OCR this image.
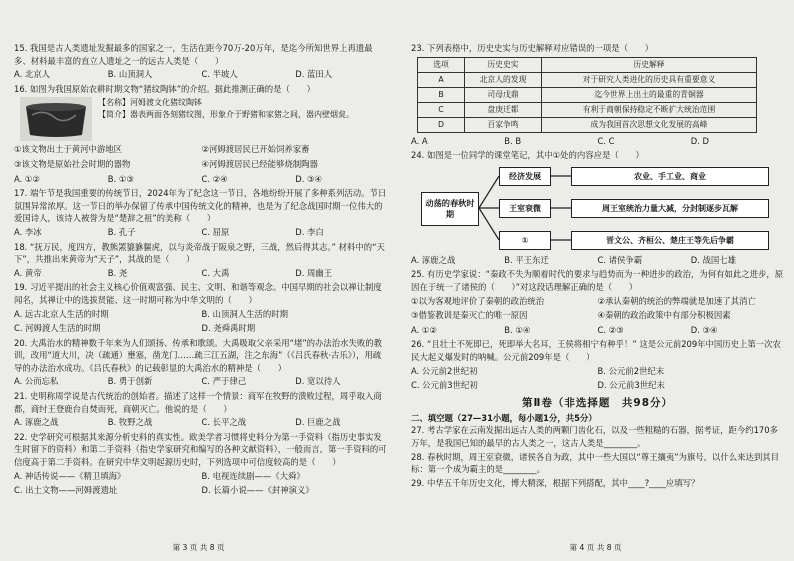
15. 我国是古人类遗址发掘最多的国家之一，生活在距今70万-20万年，是迄今所知世界上再遗最多、材料最丰富的直立人遗址之一的远古人类是（　　）

A. 北京人	B. 山顶洞人	C. 半坡人	D. 蓝田人

16. 如图为我国原始农耕时期文物“猪纹陶钵”的介绍。据此推测正确的是（　　）

【名称】河姆渡文化猪纹陶钵
【简介】器表两面各刻猪纹图，形象介于野猪和家猪之间，器内壁烟炱。
①该文物出土于黄河中游地区	②河姆渡居民已开始饲养家畜
③该文物是原始社会时期的器物	④河姆渡居民已经能够烧制陶器
A. ①②	B. ①③	C. ②④	D. ③④

17. 端午节是我国重要的传统节日，2024年为了纪念这一节日，各地纷纷开展了多种系列活动。节日氛围异常浓厚。这一节日的举办保留了传承中国传统文化的精神，也是为了纪念战国时期一位伟大的爱国诗人，该诗人被誉为是“楚辞之祖”的美称（　　）

A. 李冰	B. 孔子	C. 屈原	D. 李白

18. “抚万民，度四方，教熊罴貔貅貙虎，以与炎帝战于阪泉之野，三战，然后得其志。” 材料中的“天下”，共推出来黄帝为“天子”，其战的是（　　）

A. 黄帝	B. 尧	C. 大禹	D. 周幽王

19. 习近平提出的社会主义核心价值观富强、民主、文明、和谐等观念。中国早期的社会以禅让制度闻名，其禅让中的选拔贤能、这一时期可称为中华文明的（　　）

A. 远古北京人生活的时期	B. 山顶洞人生活的时期
C. 河姆渡人生活的时期	D. 尧舜禹时期

20. 大禹治水的精神数千年来为人们颂扬、传承和歌颂。大禹吸取父亲采用“堵”的办法治水失败的教训，改用“道大川，决（疏通）壅塞，凿龙门……疏三江五湖，注之东海”（《吕氏春秋·古乐》），用疏导的办法治水成功。《吕氏春秋》的记载彰显的大禹治水的精神是（　　）

A. 公而忘私	B. 勇于创新	C. 严于律己	D. 宽以待人

21. 史明称周学说是古代统治的创始者。描述了这样一个情景：商军在牧野的溃败过程，周乎取入商都，商纣王登鹿台自焚而死，商朝灭亡。他说的是（　　）

A. 涿鹿之战	B. 牧野之战	C. 长平之战	D. 巨鹿之战

22. 史学研究可根据其来源分析史料的真实性。欧美学者习惯将史料分为第一手资料（指历史事实发生时留下的资料）和第二手资料（指史学家研究和编写的各种文献资料），一般而言，第一手资料的可信度高于第二手资料。在研究中华文明起源历史时，下列选项中可信度较高的是（　　）

A. 神话传说——《精卫填海》	B. 电视连续剧——《大舜》
C. 出土文物——河姆渡遗址	D. 长篇小说——《封神演义》
第 3 页 共 8 页

23. 下列表格中，历史史实与历史解释对应错误的一项是（　　）

选项	历史史实	历史解释
A	北京人的发现	对于研究人类进化的历史具有重要意义
B	司母戊鼎	迄今世界上出土的最重的青铜器
C	盘庚迁都	有利于商朝保持稳定不断扩大统治范围
D	百家争鸣	成为我国首次思想文化发展的高峰
A. A	B. B	C. C	D. D

24. 如图是一位同学的课堂笔记，其中①处的内容应是（　　）

动荡的春秋时期
经济发展	农业、手工业、商业
王室衰微	周王室统治力量大减，分封制逐步瓦解
①	晋文公、齐桓公、楚庄王等先后争霸
A. 涿鹿之战	B. 平王东迁	C. 诸侯争霸	D. 战国七雄

25. 有历史学家说：“秦政不失为顺着时代的要求与趋势而为一种进步的政治，为何有如此之进步，原因在于统一了诸侯的（　　）”对这段话理解正确的是（　　）

①以为客观地评价了秦朝的政治统治	②承认秦朝的统治的弊端就是加速了其消亡
③借鉴教训是秦灭亡的唯一原因	④秦朝的政治政策中有部分积极因素
A. ①②	B. ①④	C. ②③	D. ③④

26. “且壮士不死即已，死即举大名耳，王侯将相宁有种乎！” 这是公元前209年中国历史上第一次农民大起义爆发时的呐喊。公元前209年是（　　）

A. 公元前2世纪初	B. 公元前2世纪末
C. 公元前3世纪初	D. 公元前3世纪末
第Ⅱ卷（非选择题　共98分）
二、填空题（27—31小题，每小题1分，共5分）

27. 考古学家在云南发掘出远古人类的两颗门齿化石，以及一些粗糙的石器，据考证，距今约170多万年，是我国已知的最早的古人类之一，这古人类是________。

28. 春秋时期，周王室衰微，诸侯各自为政，其中一些大国以“尊王攘夷”为旗号，以什么来达到其目标：第一个成为霸主的是________。

29. 中华五千年历史文化，博大精深，根据下列搭配，其中____?____应填写？

第 4 页 共 8 页
